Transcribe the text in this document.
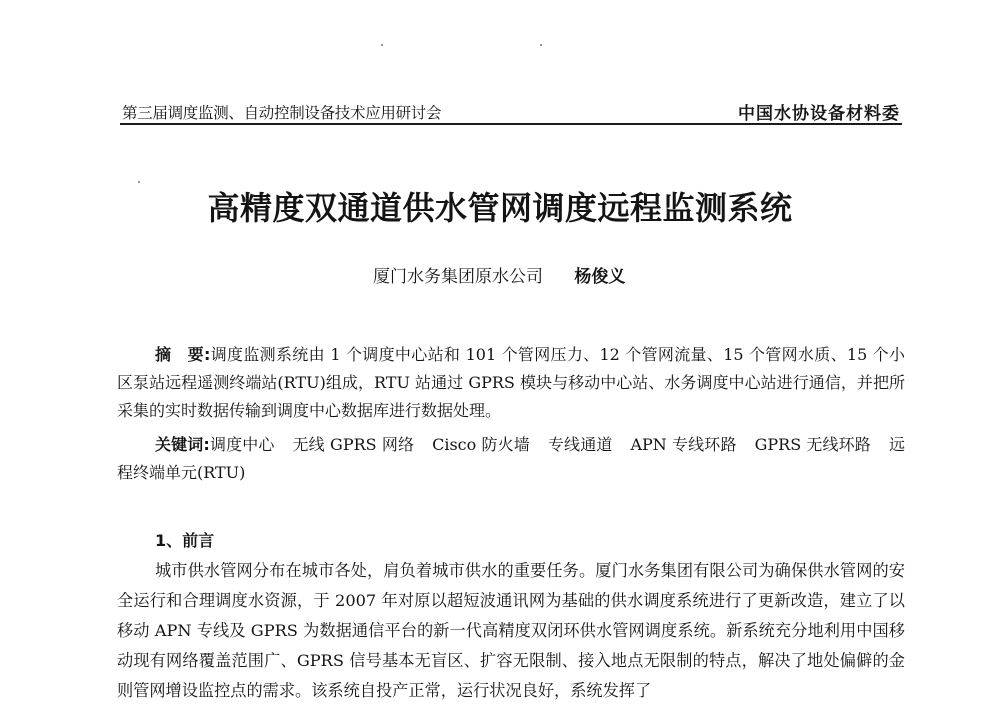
第三届调度监测、自动控制设备技术应用研讨会	中国水协设备材料委
高精度双通道供水管网调度远程监测系统
厦门水务集团原水公司 杨俊义
摘　要:调度监测系统由 1 个调度中心站和 101 个管网压力、12 个管网流量、15 个管网水质、15 个小区泵站远程遥测终端站(RTU)组成，RTU 站通过 GPRS 模块与移动中心站、水务调度中心站进行通信，并把所采集的实时数据传输到调度中心数据库进行数据处理。
关键词:调度中心 无线 GPRS 网络 Cisco 防火墙 专线通道 APN 专线环路 GPRS 无线环路 远程终端单元(RTU)
1、前言
城市供水管网分布在城市各处，肩负着城市供水的重要任务。厦门水务集团有限公司为确保供水管网的安全运行和合理调度水资源，于 2007 年对原以超短波通讯网为基础的供水调度系统进行了更新改造，建立了以移动 APN 专线及 GPRS 为数据通信平台的新一代高精度双闭环供水管网调度系统。新系统充分地利用中国移动现有网络覆盖范围广、GPRS 信号基本无盲区、扩容无限制、接入地点无限制的特点，解决了地处偏僻的金则管网增设监控点的需求。该系统自投产正常，运行状况良好，系统发挥了
